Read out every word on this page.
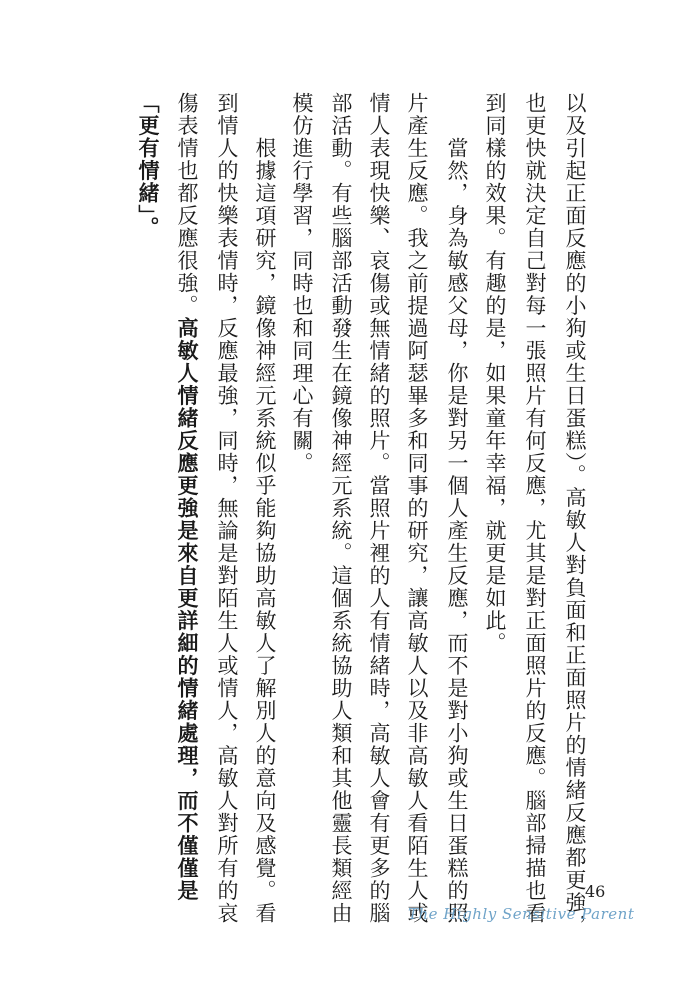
以及引起正面反應的小狗或生日蛋糕）。高敏人對負面和正面照片的情緒反應都更強，
也更快就決定自己對每一張照片有何反應，尤其是對正面照片的反應。腦部掃描也看
到同樣的效果。有趣的是，如果童年幸福，就更是如此。
　　當然，身為敏感父母，你是對另一個人產生反應，而不是對小狗或生日蛋糕的照
片產生反應。我之前提過阿瑟畢多和同事的研究，讓高敏人以及非高敏人看陌生人或
情人表現快樂、哀傷或無情緒的照片。當照片裡的人有情緒時，高敏人會有更多的腦
部活動。有些腦部活動發生在鏡像神經元系統。這個系統協助人類和其他靈長類經由
模仿進行學習，同時也和同理心有關。
　　根據這項研究，鏡像神經元系統似乎能夠協助高敏人了解別人的意向及感覺。看
到情人的快樂表情時，反應最強，同時，無論是對陌生人或情人，高敏人對所有的哀
傷表情也都反應很強。高敏人情緒反應更強是來自更詳細的情緒處理，而不僅僅是
「更有情緒」。
46
The Highly Sensitive Parent
